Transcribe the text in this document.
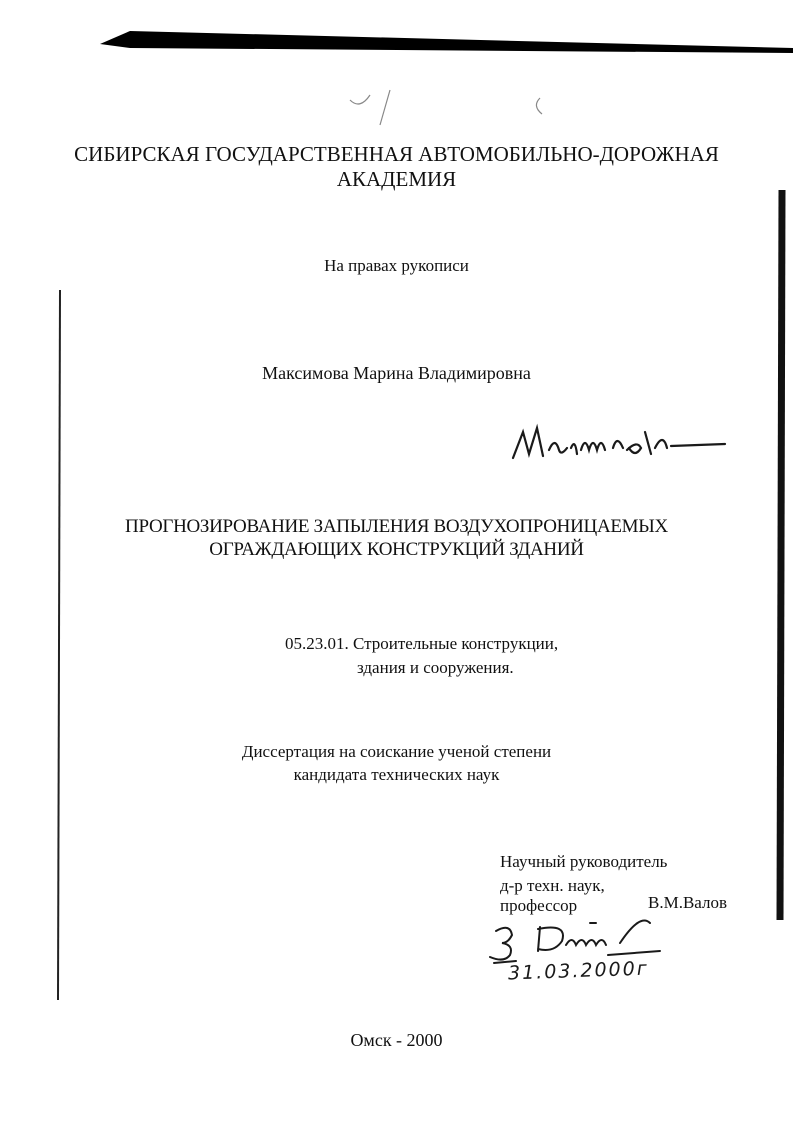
СИБИРСКАЯ ГОСУДАРСТВЕННАЯ АВТОМОБИЛЬНО-ДОРОЖНАЯ
АКАДЕМИЯ
На правах рукописи
Максимова Марина Владимировна
ПРОГНОЗИРОВАНИЕ ЗАПЫЛЕНИЯ ВОЗДУХОПРОНИЦАЕМЫХ
ОГРАЖДАЮЩИХ КОНСТРУКЦИЙ ЗДАНИЙ
05.23.01. Строительные конструкции,
здания и сооружения.
Диссертация на соискание ученой степени
кандидата технических наук
Научный руководитель
д-р техн. наук,
профессор	В.М.Валов
31.03.2000г
Омск - 2000
